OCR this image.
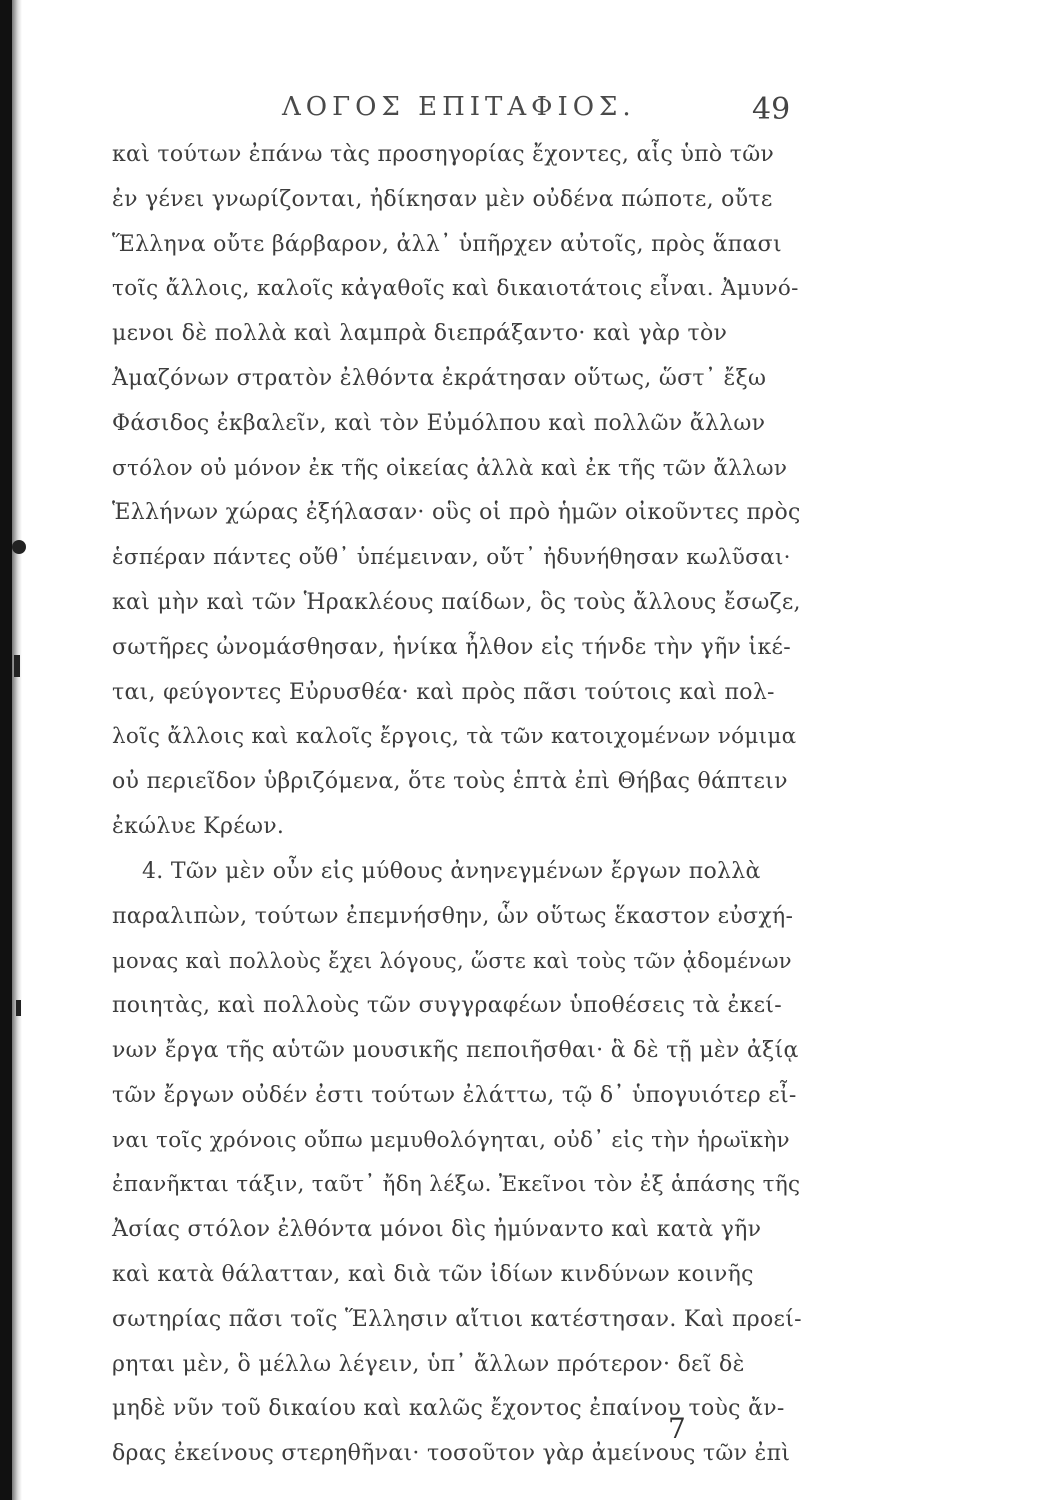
ΛΟΓΟΣ ΕΠΙΤΑΦΙΟΣ.	49
καὶ τούτων ἐπάνω τὰς προσηγορίας ἔχοντες, αἷς ὑπὸ τῶν
ἐν γένει γνωρίζονται, ἠδίκησαν μὲν οὐδένα πώποτε, οὔτε
Ἕλληνα οὔτε βάρβαρον, ἀλλ᾽ ὑπῆρχεν αὐτοῖς, πρὸς ἅπασι
τοῖς ἄλλοις, καλοῖς κἀγαθοῖς καὶ δικαιοτάτοις εἶναι. Ἀμυνό-
μενοι δὲ πολλὰ καὶ λαμπρὰ διεπράξαντο· καὶ γὰρ τὸν
Ἀμαζόνων στρατὸν ἐλθόντα ἐκράτησαν οὕτως, ὥστ᾽ ἔξω
Φάσιδος ἐκβαλεῖν, καὶ τὸν Εὐμόλπου καὶ πολλῶν ἄλλων
στόλον οὐ μόνον ἐκ τῆς οἰκείας ἀλλὰ καὶ ἐκ τῆς τῶν ἄλλων
Ἑλλήνων χώρας ἐξήλασαν· οὓς οἱ πρὸ ἡμῶν οἰκοῦντες πρὸς
ἑσπέραν πάντες οὔθ᾽ ὑπέμειναν, οὔτ᾽ ἠδυνήθησαν κωλῦσαι·
καὶ μὴν καὶ τῶν Ἡρακλέους παίδων, ὃς τοὺς ἄλλους ἔσωζε,
σωτῆρες ὠνομάσθησαν, ἡνίκα ἦλθον εἰς τήνδε τὴν γῆν ἱκέ-
ται, φεύγοντες Εὐρυσθέα· καὶ πρὸς πᾶσι τούτοις καὶ πολ-
λοῖς ἄλλοις καὶ καλοῖς ἔργοις, τὰ τῶν κατοιχομένων νόμιμα
οὐ περιεῖδον ὑβριζόμενα, ὅτε τοὺς ἑπτὰ ἐπὶ Θήβας θάπτειν
ἐκώλυε Κρέων.
4. Τῶν μὲν οὖν εἰς μύθους ἀνηνεγμένων ἔργων πολλὰ
παραλιπὼν, τούτων ἐπεμνήσθην, ὧν οὕτως ἕκαστον εὐσχή-
μονας καὶ πολλοὺς ἔχει λόγους, ὥστε καὶ τοὺς τῶν ᾀδομένων
ποιητὰς, καὶ πολλοὺς τῶν συγγραφέων ὑποθέσεις τὰ ἐκεί-
νων ἔργα τῆς αὑτῶν μουσικῆς πεποιῆσθαι· ἃ δὲ τῇ μὲν ἀξίᾳ
τῶν ἔργων οὐδέν ἐστι τούτων ἐλάττω, τῷ δ᾽ ὑπογυιότερ εἶ-
ναι τοῖς χρόνοις οὔπω μεμυθολόγηται, οὐδ᾽ εἰς τὴν ἡρωϊκὴν
ἐπανῆκται τάξιν, ταῦτ᾽ ἤδη λέξω. Ἐκεῖνοι τὸν ἐξ ἁπάσης τῆς
Ἀσίας στόλον ἐλθόντα μόνοι δὶς ἠμύναντο καὶ κατὰ γῆν
καὶ κατὰ θάλατταν, καὶ διὰ τῶν ἰδίων κινδύνων κοινῆς
σωτηρίας πᾶσι τοῖς Ἕλλησιν αἴτιοι κατέστησαν. Καὶ προεί-
ρηται μὲν, ὃ μέλλω λέγειν, ὑπ᾽ ἄλλων πρότερον· δεῖ δὲ
μηδὲ νῦν τοῦ δικαίου καὶ καλῶς ἔχοντος ἐπαίνου τοὺς ἄν-
δρας ἐκείνους στερηθῆναι· τοσοῦτον γὰρ ἀμείνους τῶν ἐπὶ
7
